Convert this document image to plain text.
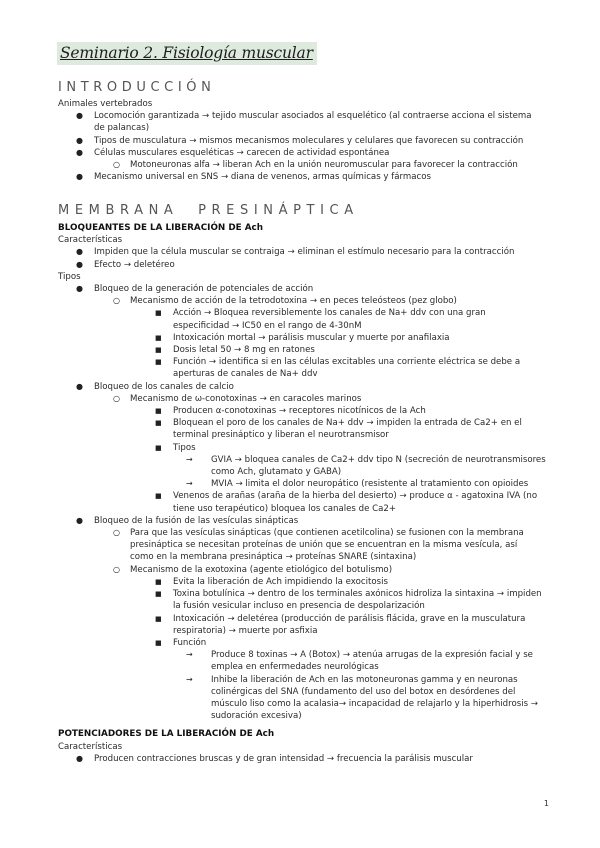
Seminario 2. Fisiología muscular
INTRODUCCIÓN
Animales vertebrados
● Locomoción garantizada → tejido muscular asociados al esquelético (al contraerse acciona el sistema
de palancas)
● Tipos de musculatura → mismos mecanismos moleculares y celulares que favorecen su contracción
● Células musculares esqueléticas → carecen de actividad espontánea
○ Motoneuronas alfa → liberan Ach en la unión neuromuscular para favorecer la contracción
● Mecanismo universal en SNS → diana de venenos, armas químicas y fármacos
MEMBRANA PRESINÁPTICA
BLOQUEANTES DE LA LIBERACIÓN DE Ach
Características
● Impiden que la célula muscular se contraiga → eliminan el estímulo necesario para la contracción
● Efecto → deletéreo
Tipos
● Bloqueo de la generación de potenciales de acción
○ Mecanismo de acción de la tetrodotoxina → en peces teleósteos (pez globo)
■ Acción → Bloquea reversiblemente los canales de Na+ ddv con una gran
especificidad → IC50 en el rango de 4-30nM
■ Intoxicación mortal → parálisis muscular y muerte por anafilaxia
■ Dosis letal 50 → 8 mg en ratones
■ Función → identifica si en las células excitables una corriente eléctrica se debe a
aperturas de canales de Na+ ddv
● Bloqueo de los canales de calcio
○ Mecanismo de ω-conotoxinas → en caracoles marinos
■ Producen ⍺-conotoxinas → receptores nicotínicos de la Ach
■ Bloquean el poro de los canales de Na+ ddv → impiden la entrada de Ca2+ en el
terminal presináptico y liberan el neurotransmisor
■ Tipos
→ GVIA → bloquea canales de Ca2+ ddv tipo N (secreción de neurotransmisores
como Ach, glutamato y GABA)
→ MVIA → limita el dolor neuropático (resistente al tratamiento con opioides
■ Venenos de arañas (araña de la hierba del desierto) → produce ⍺ - agatoxina IVA (no
tiene uso terapéutico) bloquea los canales de Ca2+
● Bloqueo de la fusión de las vesículas sinápticas
○ Para que las vesículas sinápticas (que contienen acetilcolina) se fusionen con la membrana
presináptica se necesitan proteínas de unión que se encuentran en la misma vesícula, así
como en la membrana presináptica → proteínas SNARE (sintaxina)
○ Mecanismo de la exotoxina (agente etiológico del botulismo)
■ Evita la liberación de Ach impidiendo la exocitosis
■ Toxina botulínica → dentro de los terminales axónicos hidroliza la sintaxina → impiden
la fusión vesicular incluso en presencia de despolarización
■ Intoxicación → deletérea (producción de parálisis flácida, grave en la musculatura
respiratoria) → muerte por asfixia
■ Función
→ Produce 8 toxinas → A (Botox) → atenúa arrugas de la expresión facial y se
emplea en enfermedades neurológicas
→ Inhibe la liberación de Ach en las motoneuronas gamma y en neuronas
colinérgicas del SNA (fundamento del uso del botox en desórdenes del
músculo liso como la acalasia→ incapacidad de relajarlo y la hiperhidrosis →
sudoración excesiva)
POTENCIADORES DE LA LIBERACIÓN DE Ach
Características
● Producen contracciones bruscas y de gran intensidad → frecuencia la parálisis muscular
1
